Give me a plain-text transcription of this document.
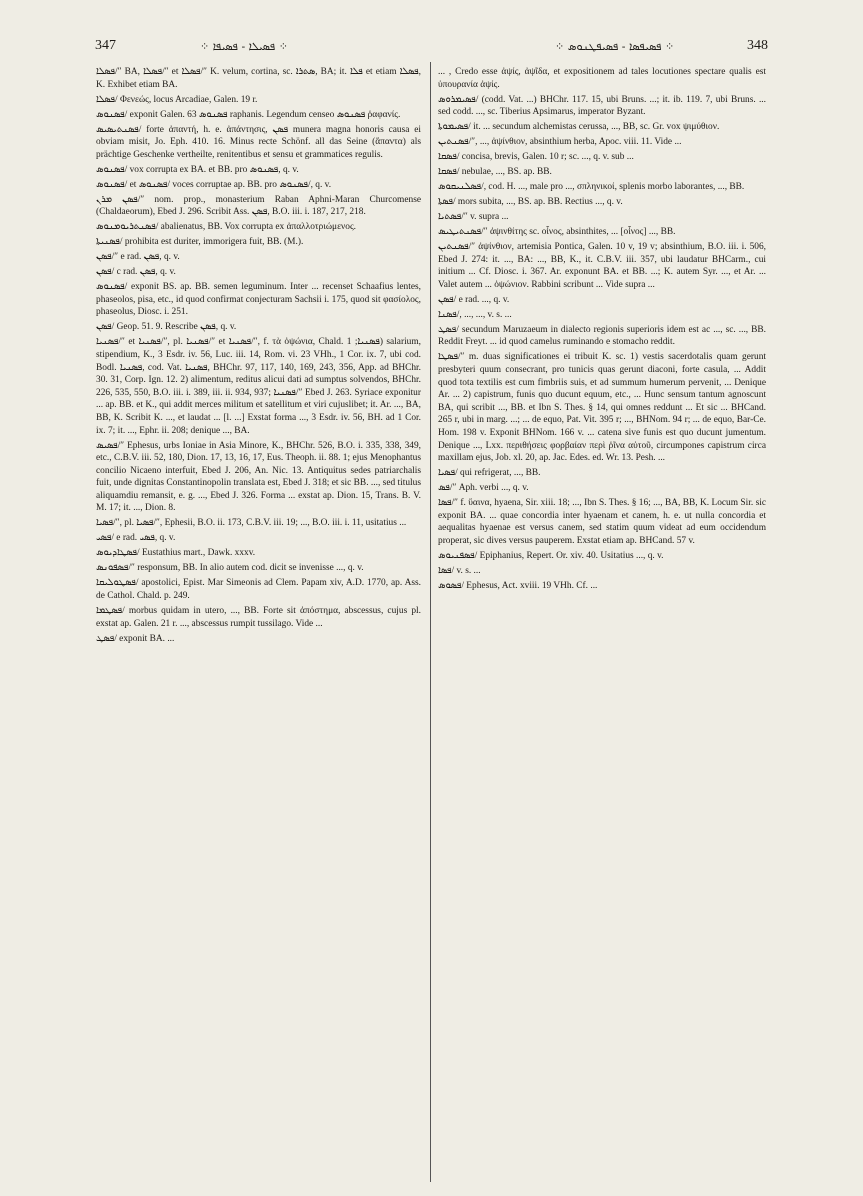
347	⁘ ܦܣܝܠܐ - ܦܣܝܦܐ ⁘	⁘ ܦܣܝܦܣܐ - ܦܣܝܦܛܢܘܣ ⁘	348
ܦܣܠܐ/″ BA, ܦܣܠܐ/″ et ܦܣܠܐ/″ K. velum, cortina, sc. ܣܬܪܐ, BA; it. ܦܠܐ et etiam ܦܣܠܐ, K. Exhibet etiam BA.
ܦܣܠܐ/ Φενεώς, locus Arcadiae, Galen. 19 r.
ܦܣܢܘܣ/ exponit Galen. 63 ܦܣܢܘܣ raphanis. Legendum censeo ܦܣܢܘܣ ῥαφανίς.
ܦܣܢܬܝܣܝܣ/ forte ἀπαντή, h. e. ἀπάντησις, ܦܣܢ munera magna honoris causa ei obviam misit, Jo. Eph. 410. 16. Minus recte Schönf. all das Seine (ἅπαντα) als prächtige Geschenke vertheilte, renitentibus et sensu et grammatices regulis.
ܦܣܢܘܣ/ vox corrupta ex BA. et BB. pro ܦܣܢܘܣ, q. v.
ܦܣܢܘܣ/ et ܦܣܢܘܣ/ voces corruptae ap. BB. pro ܦܣܢܘܣ/, q. v.
ܦܣܢ ܡܪܢ/″ nom. prop., monasterium Raban Aphni-Maran Churcomense (Chaldaeorum), Ebed J. 296. Scribit Ass. ܦܣܢ, B.O. iii. i. 187, 217, 218.
ܦܣܢܬܪܝܘܡܢܘܣ/ abalienatus, BB. Vox corrupta ex ἀπαλλοτριώμενος.
ܦܣܢܝܬܐ/ prohibita est duriter, immorigera fuit, BB. (M.).
ܦܣܢ/″ e rad. ܦܣܢ, q. v.
ܦܣܢ/ c rad. ܦܣܢ, q. v.
ܦܣܢܘܣ/ exponit BS. ap. BB. semen leguminum. Inter ... recenset Schaafius lentes, phaseolos, pisa, etc., id quod confirmat conjecturam Sachsii i. 175, quod sit φασίολος, phaseolus, Diosc. i. 251.
ܦܣܢ/ Geop. 51. 9. Rescribe ܦܣܢ, q. v.
ܦܣܢܝܐ/″ et ܦܣܢܝܐ/″, pl. ܦܣܢܝܐ/″ et ܦܣܢܝܐ/″, f. τὰ ὀψώνια, Chald. ܦܣܢܝܐ; 1) salarium, stipendium, K., 3 Esdr. iv. 56, Luc. iii. 14, Rom. vi. 23 VHh., 1 Cor. ix. 7, ubi cod. Bodl. ܦܣܢܝܐ, cod. Vat. ܦܣܢܝܐ, BHChr. 97, 117, 140, 169, 243, 356, App. ad BHChr. 30. 31, Corp. Ign. 12. 2) alimentum, reditus alicui dati ad sumptus solvendos, BHChr. 226, 535, 550, B.O. iii. i. 389, iii. ii. 934, 937; ܦܣܢܝܐ/″ Ebed J. 263. Syriace exponitur ... ap. BB. et K., qui addit merces militum et satellitum et viri cujuslibet; it. Ar. ..., BA, BB, K. Scribit K. ..., et laudat ... [l. ...] Exstat forma ..., 3 Esdr. iv. 56, BH. ad 1 Cor. ix. 7; it. ..., Ephr. ii. 208; denique ..., BA.
ܦܣܝܣ/″ Ephesus, urbs Ioniae in Asia Minore, K., BHChr. 526, B.O. i. 335, 338, 349, etc., C.B.V. iii. 52, 180, Dion. 17, 13, 16, 17, Eus. Theoph. ii. 88. 1; ejus Menophantus concilio Nicaeno interfuit, Ebed J. 206, An. Nic. 13. Antiquitus sedes patriarchalis fuit, unde dignitas Constantinopolin translata est, Ebed J. 318; et sic BB. ..., sed titulus aliquamdiu remansit, e. g. ..., Ebed J. 326. Forma ... exstat ap. Dion. 15, Trans. B. V. M. 17; it. ..., Dion. 8.
ܦܣܝܐ/″, pl. ܦܣܝܐ/″, Ephesii, B.O. ii. 173, C.B.V. iii. 19; ..., B.O. iii. i. 11, usitatius ...
ܦܣܝ/ e rad. ܦܣܝ, q. v.
ܦܣܛܐܕܝܘܣ/ Eustathius mart., Dawk. xxxv.
ܦܣܦܘܢܣ/″ responsum, BB. In alio autem cod. dicit se invenisse ..., q. v.
ܦܣܛܘܠܝܩܐ/ apostolici, Epist. Mar Simeonis ad Clem. Papam xiv, A.D. 1770, ap. Ass. de Cathol. Chald. p. 249.
ܦܣܛܡܐ/ morbus quidam in utero, ..., BB. Forte sit ἀπόστημα, abscessus, cujus pl. exstat ap. Galen. 21 r. ..., abscessus rumpit tussilago. Vide ...
ܦܣܛ/ exponit BA. ...
... , Credo esse ἀψίς, ἀψῖδα, et expositionem ad tales locutiones spectare qualis est ὑπουρανία ἀψίς.
ܦܣܝܡܪܘܣ/ (codd. Vat. ...) BHChr. 117. 15, ubi Bruns. ...; it. ib. 119. 7, ubi Bruns. ... sed codd. ..., sc. Tiberius Apsimarus, imperator Byzant.
ܦܣܝܡܘܬܐ/ it. ... secundum alchemistas cerussa, ..., BB, sc. Gr. vox ψιμύθιον.
ܦܣܢܬܝܢ/″, ..., ἀψίνθιον, absinthium herba, Apoc. viii. 11. Vide ...
ܦܣܩܐ/ concisa, brevis, Galen. 10 r; sc. ..., q. v. sub ...
ܦܣܩܐ/ nebulae, ..., BS. ap. BB.
ܦܣܠܢܝܩܘܣ/, cod. H. ..., male pro ..., σπληνικοί, splenis morbo laborantes, ..., BB.
ܦܣܬܐ/ mors subita, ..., BS. ap. BB. Rectius ..., q. v.
ܦܣܬܝܐ/″ v. supra ...
ܦܣܢܬܝܛܝܣ/″ ἀψινθίτης sc. οἶνος, absinthites, ... [οἶνος] ..., BB.
ܦܣܢܬܝܢ/″ ἀψίνθιον, artemisia Pontica, Galen. 10 v, 19 v; absinthium, B.O. iii. i. 506, Ebed J. 274: it. ..., BA: ..., BB, K., it. C.B.V. iii. 357, ubi laudatur BHCarm., cui initium ... Cf. Diosc. i. 367. Ar. exponunt BA. et BB. ...; K. autem Syr. ..., et Ar. ... Valet autem ... ὀψώνιον. Rabbini scribunt ... Vide supra ...
ܦܣܢ/ e rad. ..., q. v.
ܦܣܢܐ/, ..., ..., v. s. ...
ܦܣܛ/ secundum Maruzaeum in dialecto regionis superioris idem est ac ..., sc. ..., BB. Reddit Freyt. ... id quod camelus ruminando e stomacho reddit.
ܦܣܛܐ/″ m. duas significationes ei tribuit K. sc. 1) vestis sacerdotalis quam gerunt presbyteri quum consecrant, pro tunicis quas gerunt diaconi, forte casula, ... Addit quod tota textilis est cum fimbriis suis, et ad summum humerum pervenit, ... Denique Ar. ... 2) capistrum, funis quo ducunt equum, etc., ... Hunc sensum tantum agnoscunt BA, qui scribit ..., BB. et Ibn S. Thes. § 14, qui omnes reddunt ... Et sic ... BHCand. 265 r, ubi in marg. ...; ... de equo, Pat. Vit. 395 r; ..., BHNom. 94 r; ... de equo, Bar-Ce. Hom. 198 v. Exponit BHNom. 166 v. ... catena sive funis est quo ducunt jumentum. Denique ..., Lxx. περιθήσεις φορβαίαν περὶ ῥῖνα αὐτοῦ, circumpones capistrum circa maxillam ejus, Job. xl. 20, ap. Jac. Edes. ed. Wr. 13. Pesh. ...
ܦܣܝܐ/ qui refrigerat, ..., BB.
ܦܣ/″ Aph. verbi ..., q. v.
ܦܣܐ/″ f. ὕαινα, hyaena, Sir. xiii. 18; ..., Ibn S. Thes. § 16; ..., BA, BB, K. Locum Sir. sic exponit BA. ... quae concordia inter hyaenam et canem, h. e. ut nulla concordia et aequalitas hyaenae est versus canem, sed statim quum videat ad eum occidendum properat, sic dives versus pauperem. Exstat etiam ap. BHCand. 57 v.
ܦܣܦܢܝܘܣ/ Epiphanius, Repert. Or. xiv. 40. Usitatius ..., q. v.
ܦܣܐ/ v. s. ...
ܦܣܘܣ/ Ephesus, Act. xviii. 19 VHh. Cf. ...
